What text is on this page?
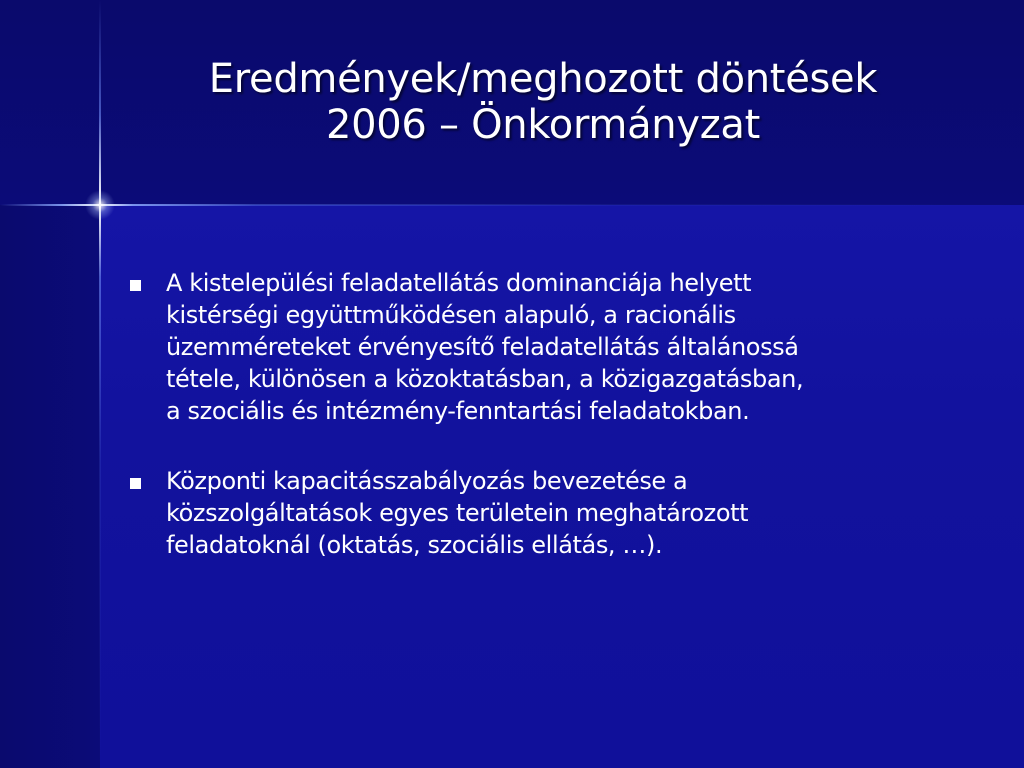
Eredmények/meghozott döntések
2006 – Önkormányzat
A kistelepülési feladatellátás dominanciája helyett
kistérségi együttműködésen alapuló, a racionális
üzemméreteket érvényesítő feladatellátás általánossá
tétele, különösen a közoktatásban, a közigazgatásban,
a szociális és intézmény-fenntartási feladatokban.
Központi kapacitásszabályozás bevezetése a
közszolgáltatások egyes területein meghatározott
feladatoknál (oktatás, szociális ellátás, …).
